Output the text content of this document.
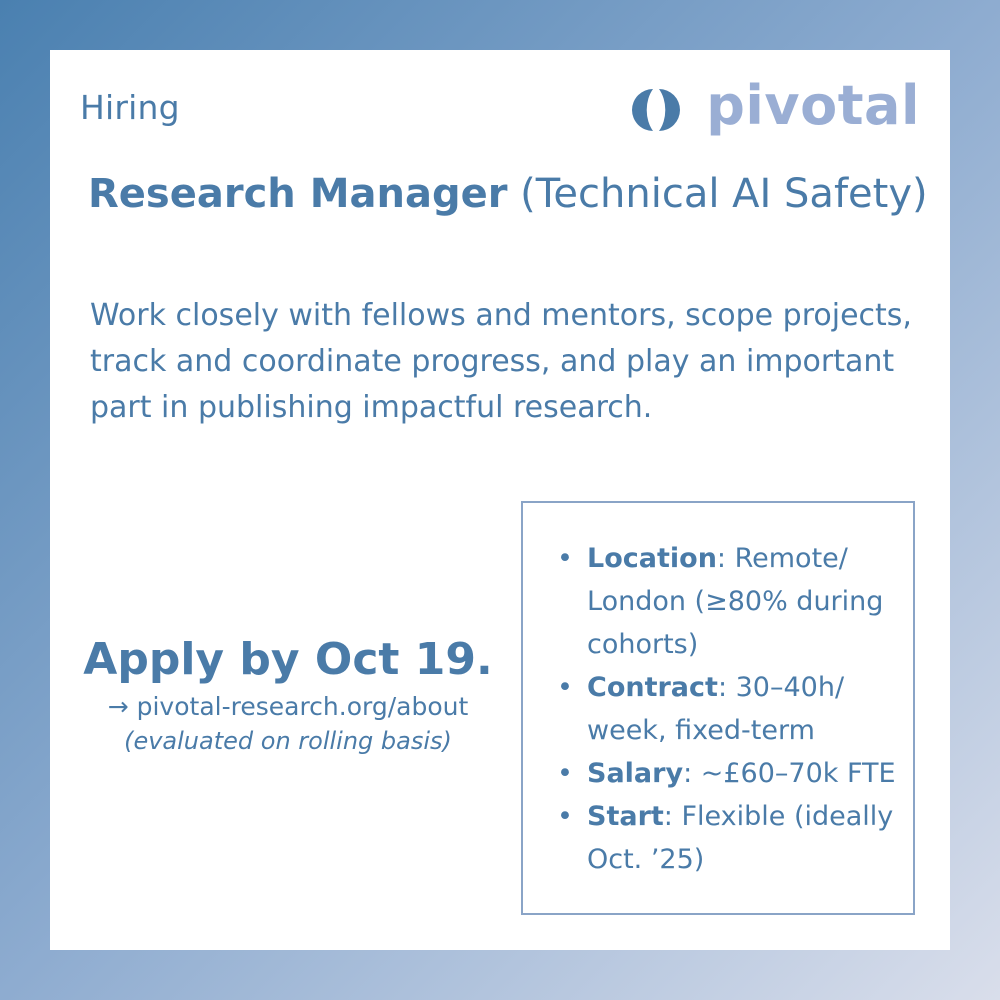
Hiring	pivotal
Research Manager (Technical AI Safety)
Work closely with fellows and mentors, scope projects, track and coordinate progress, and play an important part in publishing impactful research.
Apply by Oct 19.
→ pivotal-research.org/about
(evaluated on rolling basis)
• Location: Remote/ London (≥80% during cohorts)
• Contract: 30–40h/ week, fixed-term
• Salary: ~£60–70k FTE
• Start: Flexible (ideally Oct. ’25)
